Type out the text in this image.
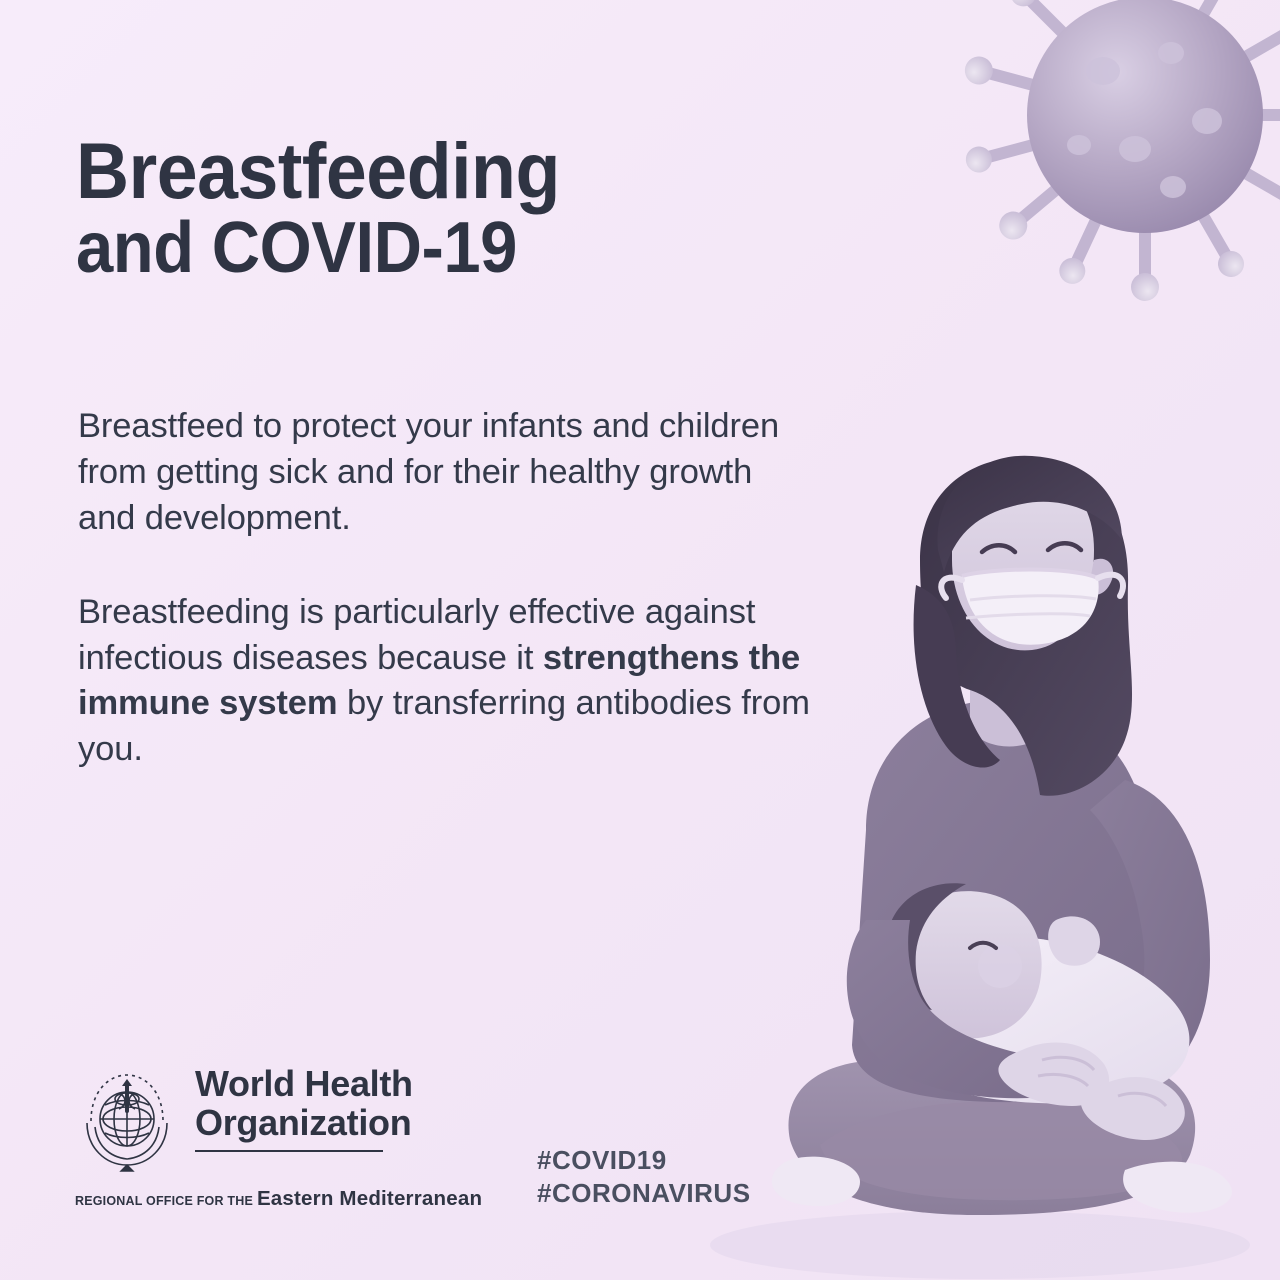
Breastfeeding
and COVID-19

Breastfeed to protect your infants and children from getting sick and for their healthy growth and development.

Breastfeeding is particularly effective against infectious diseases because it strengthens the immune system by transferring antibodies from you.

#COVID19
#CORONAVIRUS
World Health
Organization
REGIONAL OFFICE FOR THE Eastern Mediterranean
